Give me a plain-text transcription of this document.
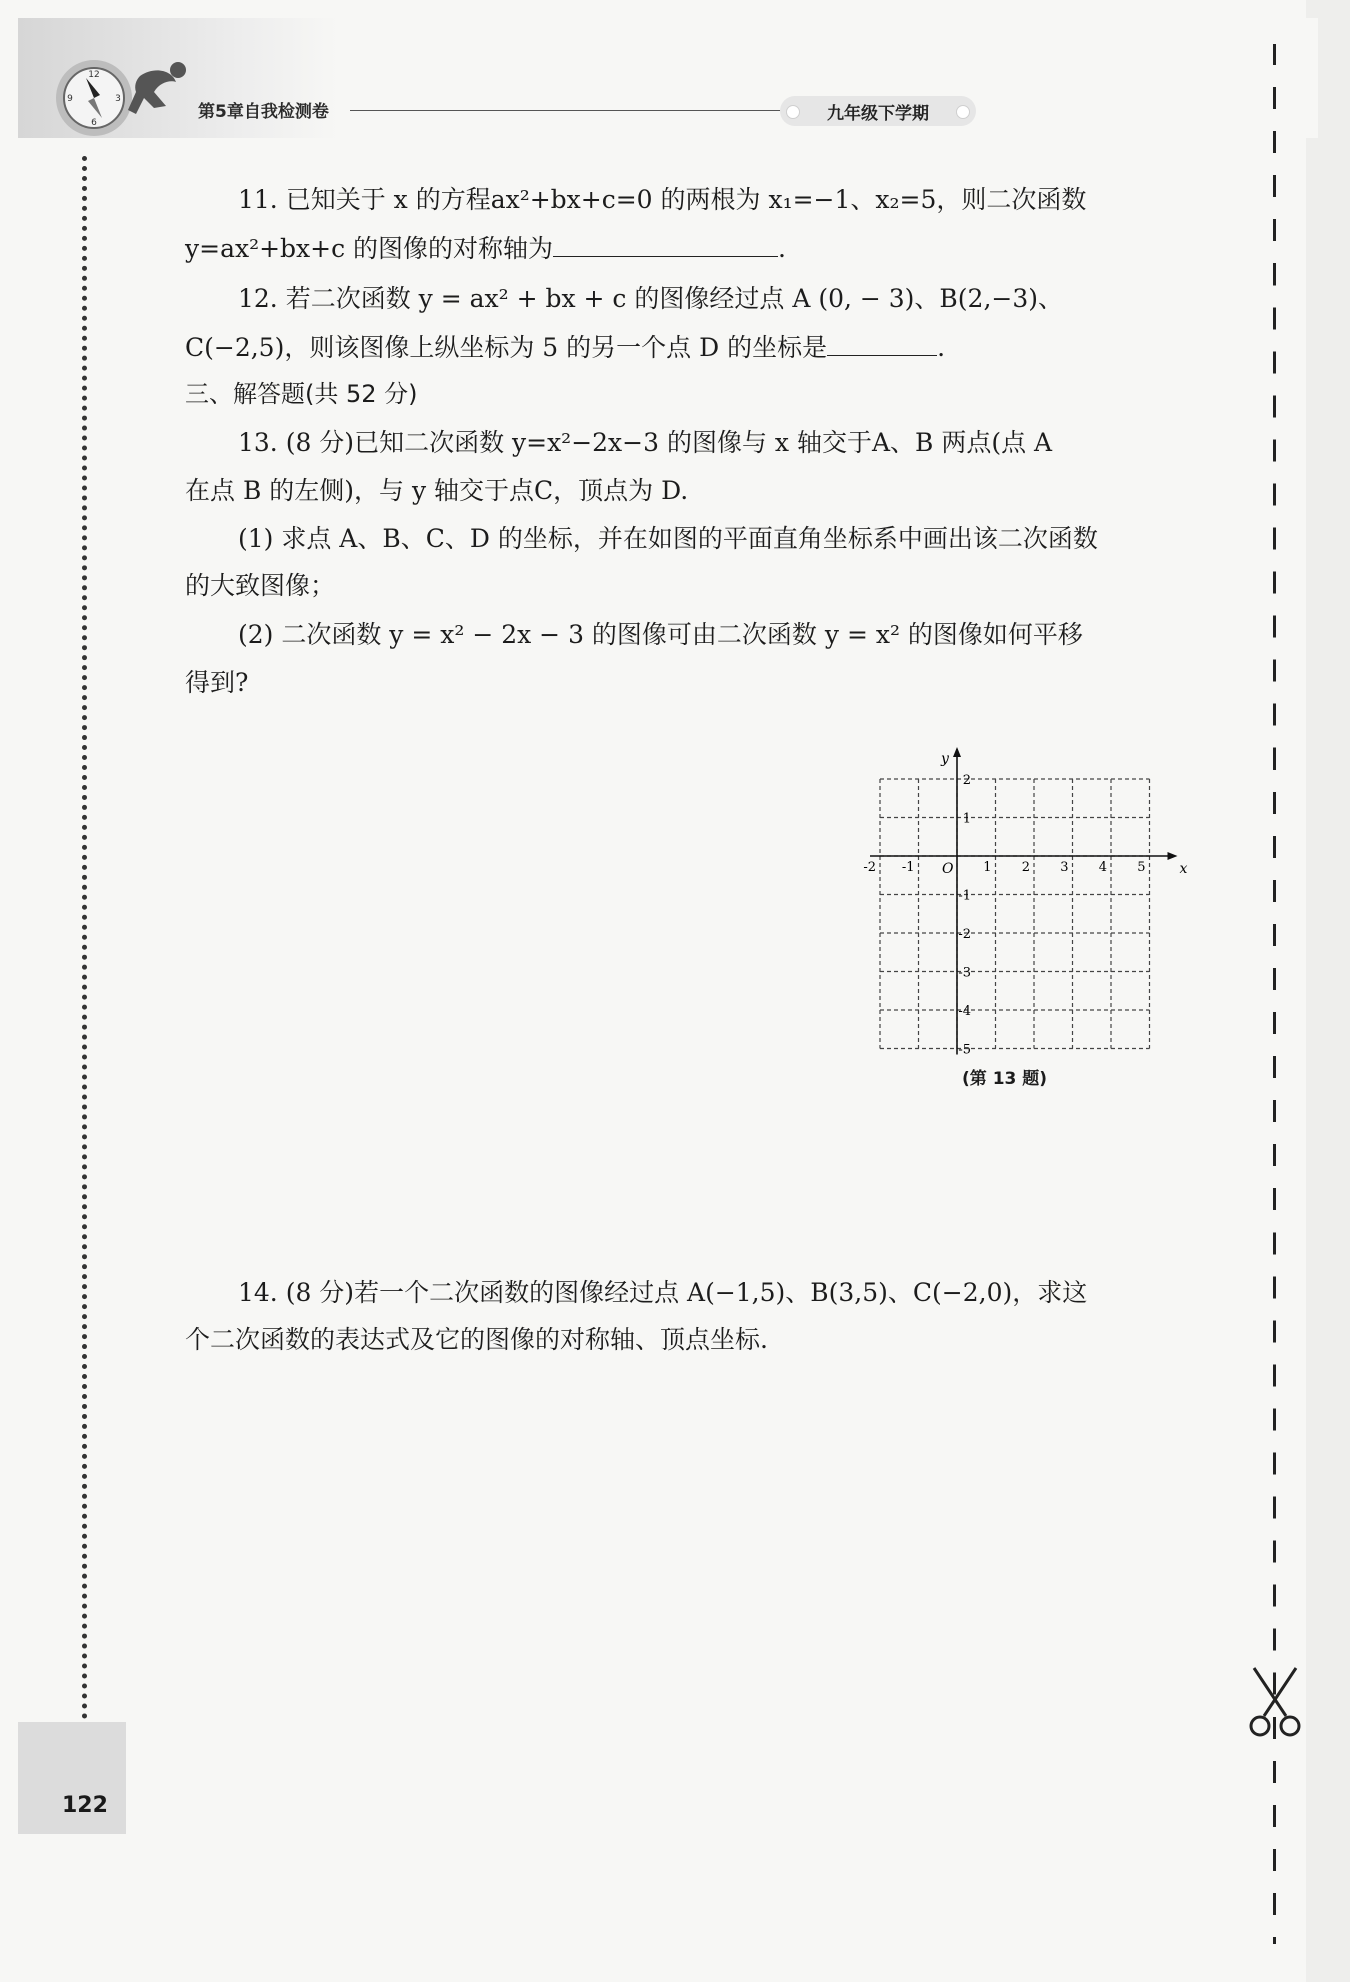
12
3
6
9
第5章自我检测卷	九年级下学期
122
11. 已知关于 x 的方程ax²+bx+c=0 的两根为 x₁=−1、x₂=5，则二次函数
y=ax²+bx+c 的图像的对称轴为	.
12. 若二次函数 y = ax² + bx + c 的图像经过点 A (0, − 3)、B(2,−3)、
C(−2,5)，则该图像上纵坐标为 5 的另一个点 D 的坐标是	.
三、解答题(共 52 分)
13. (8 分)已知二次函数 y=x²−2x−3 的图像与 x 轴交于A、B 两点(点 A
在点 B 的左侧)，与 y 轴交于点C，顶点为 D.
(1) 求点 A、B、C、D 的坐标，并在如图的平面直角坐标系中画出该二次函数
的大致图像；
(2) 二次函数 y = x² − 2x − 3 的图像可由二次函数 y = x² 的图像如何平移
得到?
x
y
O
-2 -1	1 2 3 4 5
2
1
-1
-2
-3
-4
-5
(第 13 题)
14. (8 分)若一个二次函数的图像经过点 A(−1,5)、B(3,5)、C(−2,0)，求这
个二次函数的表达式及它的图像的对称轴、顶点坐标.
